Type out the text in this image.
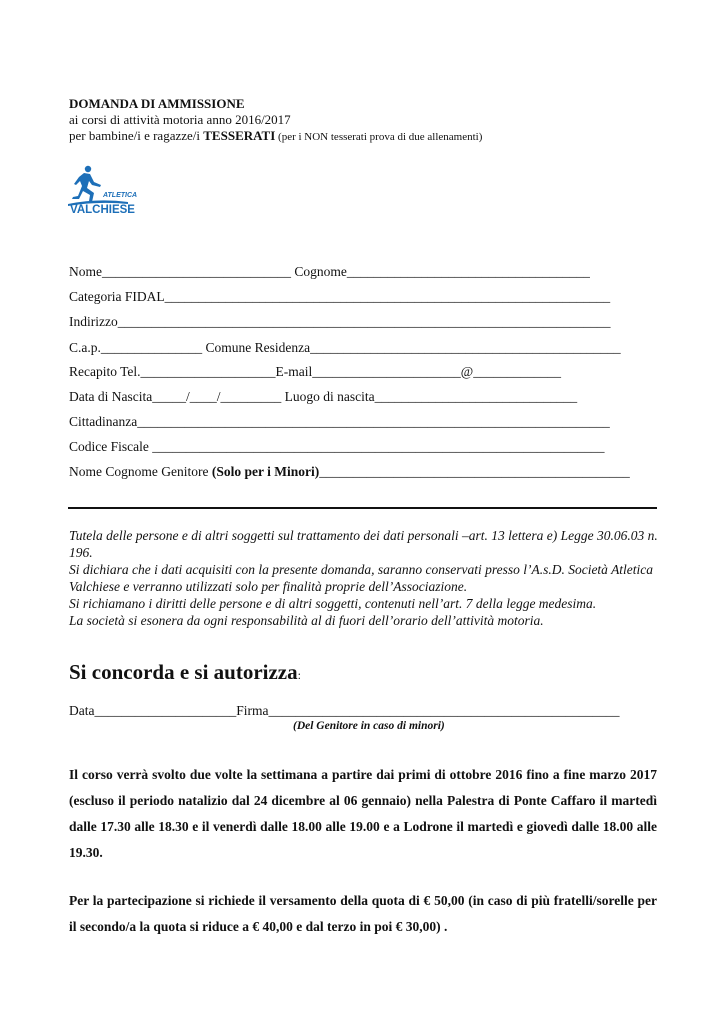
DOMANDA DI AMMISSIONE
ai corsi di attività motoria anno 2016/2017
per bambine/i e ragazze/i TESSERATI (per i NON tesserati prova di due allenamenti)
ATLETICA
VALCHIESE
Nome____________________________ Cognome____________________________________
Categoria FIDAL__________________________________________________________________
Indirizzo_________________________________________________________________________
C.a.p._______________ Comune Residenza______________________________________________
Recapito Tel.____________________E-mail______________________@_____________
Data di Nascita_____/____/_________ Luogo di nascita______________________________
Cittadinanza______________________________________________________________________
Codice Fiscale ___________________________________________________________________
Nome Cognome Genitore (Solo per i Minori)______________________________________________

Tutela delle persone e di altri soggetti sul trattamento dei dati personali –art. 13 lettera e) Legge 30.06.03 n. 196.

Si dichiara che i dati acquisiti con la presente domanda, saranno conservati presso l’A.s.D. Società Atletica Valchiese e verranno utilizzati solo per finalità proprie dell’Associazione.

Si richiamano i diritti delle persone e di altri soggetti, contenuti nell’art. 7 della legge medesima.

La società si esonera da ogni responsabilità al di fuori dell’orario dell’attività motoria.

Si concorda e si autorizza:
Data_____________________Firma____________________________________________________
(Del Genitore in caso di minori)
Il corso verrà svolto due volte la settimana a partire dai primi di ottobre 2016 fino a fine marzo 2017 (escluso il periodo natalizio dal 24 dicembre al 06 gennaio) nella Palestra di Ponte Caffaro il martedì dalle 17.30 alle 18.30 e il venerdì dalle 18.00 alle 19.00 e a Lodrone il martedì e giovedì dalle 18.00 alle 19.30.
Per la partecipazione si richiede il versamento della quota di € 50,00 (in caso di più fratelli/sorelle per il secondo/a la quota si riduce a € 40,00 e dal terzo in poi € 30,00) .
